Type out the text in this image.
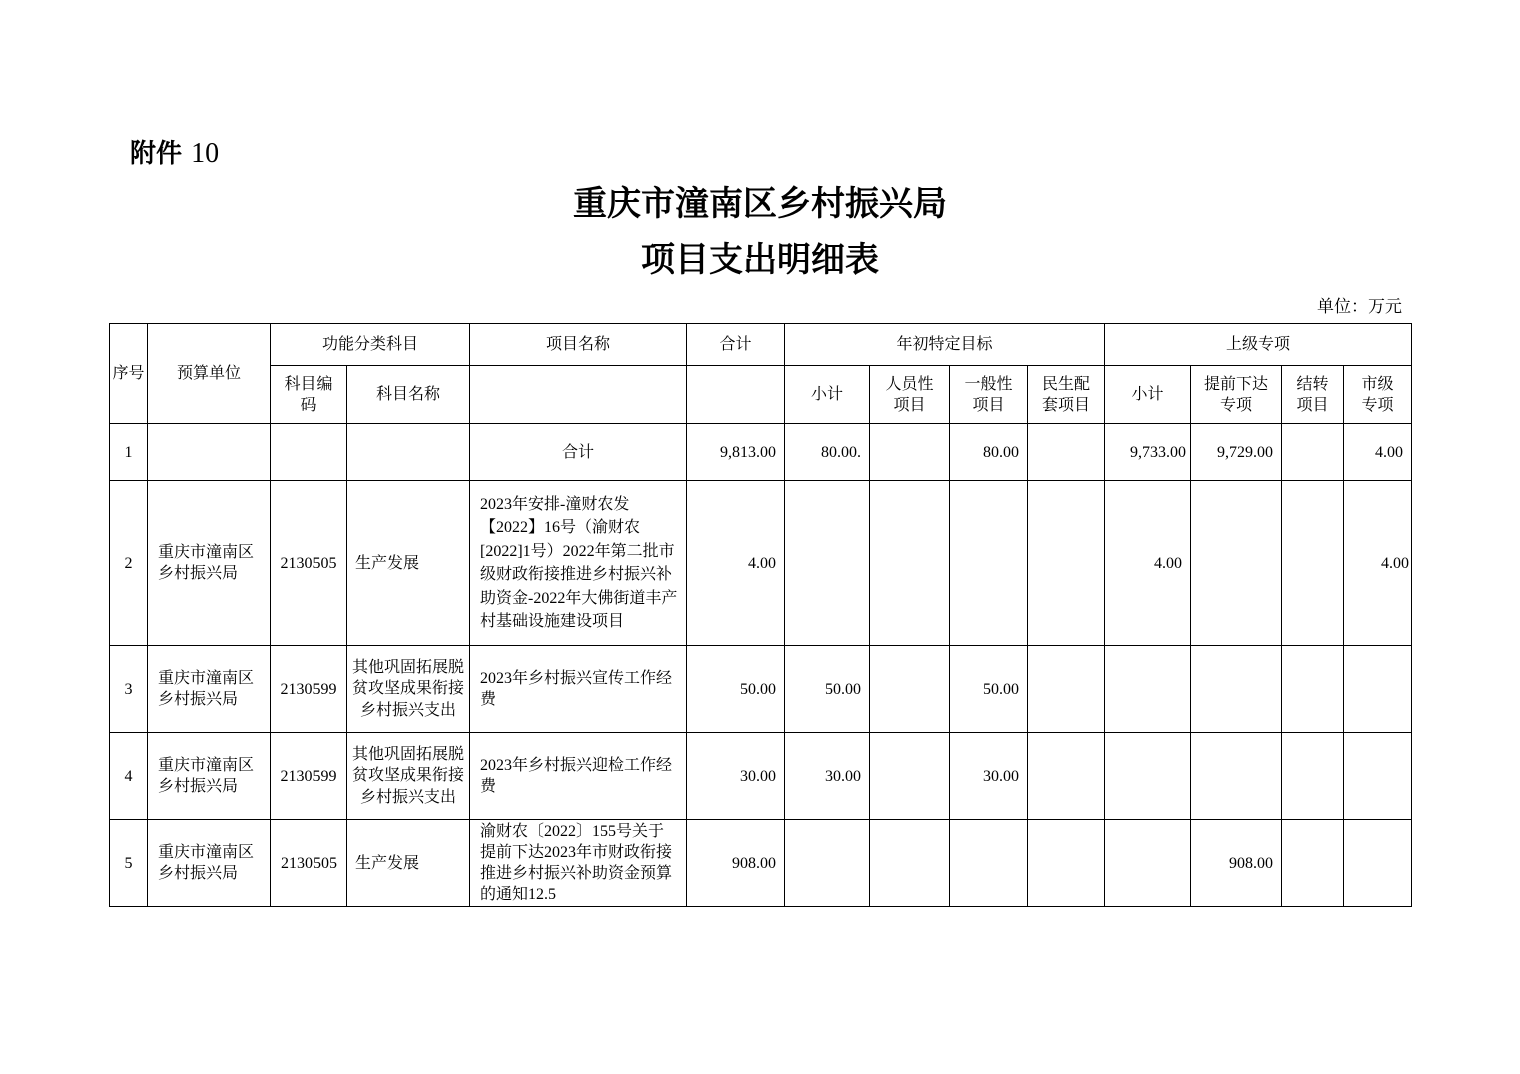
附件 10
重庆市潼南区乡村振兴局
项目支出明细表
单位：万元
序号	预算单位	功能分类科目		项目名称	合计	年初特定目标				上级专项			
		科目编码	科目名称			小计	人员性项目	一般性项目	民生配套项目	小计	提前下达专项	结转项目	市级专项
1				合计	9,813.00	80.00.		80.00		9,733.00	9,729.00		4.00
2	重庆市潼南区乡村振兴局	2130505	生产发展	2023年安排-潼财农发【2022】16号（渝财农[2022]1号）2022年第二批市级财政衔接推进乡村振兴补助资金-2022年大佛街道丰产村基础设施建设项目	4.00					4.00			4.00
3	重庆市潼南区乡村振兴局	2130599	其他巩固拓展脱贫攻坚成果衔接乡村振兴支出	2023年乡村振兴宣传工作经费	50.00	50.00		50.00					
4	重庆市潼南区乡村振兴局	2130599	其他巩固拓展脱贫攻坚成果衔接乡村振兴支出	2023年乡村振兴迎检工作经费	30.00	30.00		30.00					
5	重庆市潼南区乡村振兴局	2130505	生产发展	渝财农〔2022〕155号关于提前下达2023年市财政衔接推进乡村振兴补助资金预算的通知12.5	908.00						908.00		
